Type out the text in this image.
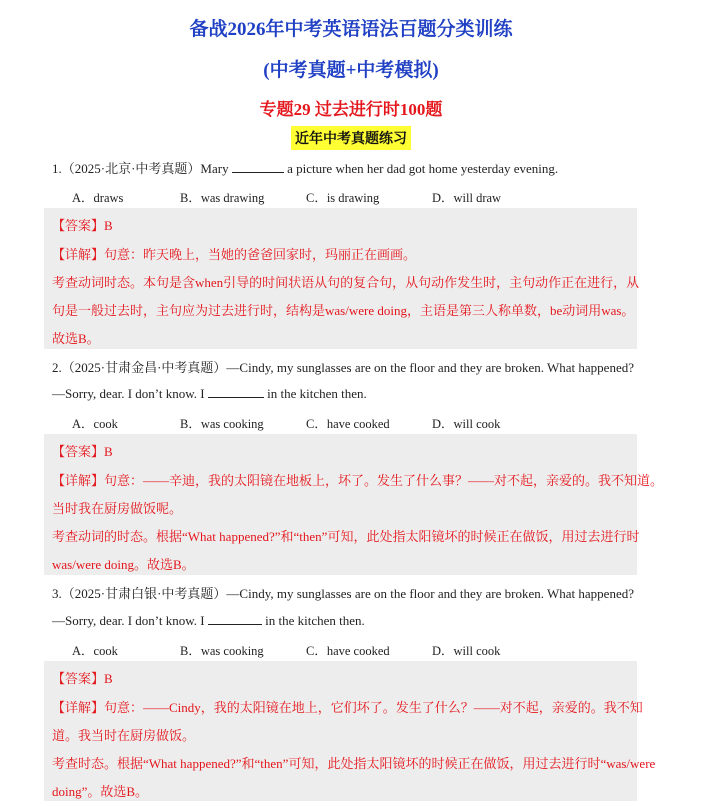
备战2026年中考英语语法百题分类训练
(中考真题+中考模拟)
专题29 过去进行时100题
近年中考真题练习
1.（2025·北京·中考真题）Mary	a picture when her dad got home yesterday evening.
A．draws	B．was drawing	C．is drawing	D．will draw
【答案】B
【详解】句意：昨天晚上，当她的爸爸回家时，玛丽正在画画。
考查动词时态。本句是含when引导的时间状语从句的复合句，从句动作发生时，主句动作正在进行，从
句是一般过去时，主句应为过去进行时，结构是was/were doing，主语是第三人称单数，be动词用was。
故选B。
2.（2025·甘肃金昌·中考真题）—Cindy, my sunglasses are on the floor and they are broken. What happened?
—Sorry, dear. I don’t know. I	in the kitchen then.
A．cook	B．was cooking	C．have cooked	D．will cook
【答案】B
【详解】句意：——辛迪，我的太阳镜在地板上，坏了。发生了什么事？——对不起，亲爱的。我不知道。
当时我在厨房做饭呢。
考查动词的时态。根据“What happened?”和“then”可知，此处指太阳镜坏的时候正在做饭，用过去进行时
was/were doing。故选B。
3.（2025·甘肃白银·中考真题）—Cindy, my sunglasses are on the floor and they are broken. What happened?
—Sorry, dear. I don’t know. I	in the kitchen then.
A．cook	B．was cooking	C．have cooked	D．will cook
【答案】B
【详解】句意：——Cindy，我的太阳镜在地上，它们坏了。发生了什么？——对不起，亲爱的。我不知
道。我当时在厨房做饭。
考查时态。根据“What happened?”和“then”可知，此处指太阳镜坏的时候正在做饭，用过去进行时“was/were
doing”。故选B。
